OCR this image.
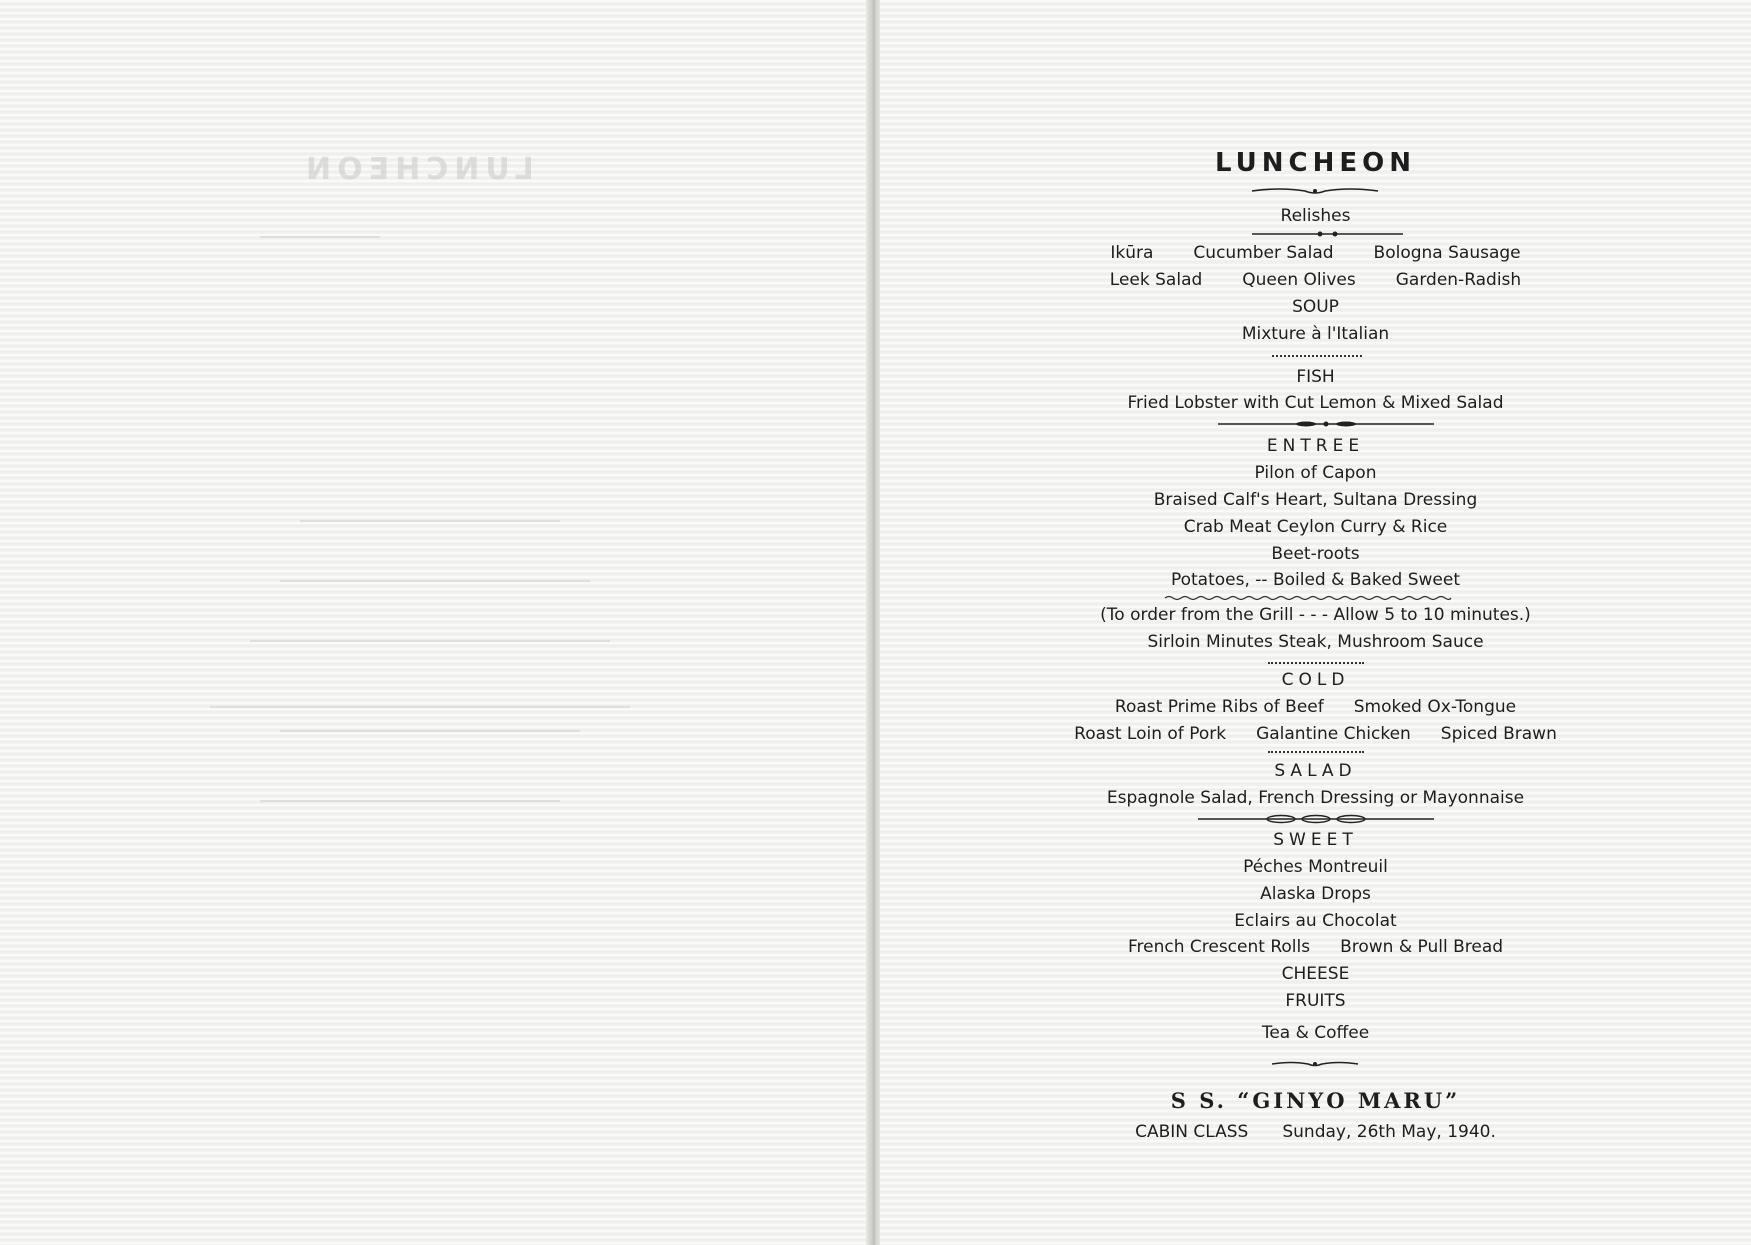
LUNCHEON	LUNCHEON
Relishes
Ikūra Cucumber Salad Bologna Sausage
Leek Salad Queen Olives Garden-Radish
SOUP
Mixture à l'Italian
FISH
Fried Lobster with Cut Lemon & Mixed Salad
ENTREE
Pilon of Capon
Braised Calf's Heart, Sultana Dressing
Crab Meat Ceylon Curry & Rice
Beet-roots
Potatoes, -- Boiled & Baked Sweet
(To order from the Grill - - - Allow 5 to 10 minutes.)
Sirloin Minutes Steak, Mushroom Sauce
COLD
Roast Prime Ribs of Beef Smoked Ox-Tongue
Roast Loin of Pork Galantine Chicken Spiced Brawn
SALAD
Espagnole Salad, French Dressing or Mayonnaise
SWEET
Péches Montreuil
Alaska Drops
Eclairs au Chocolat
French Crescent Rolls Brown & Pull Bread
CHEESE
FRUITS
Tea & Coffee
S S. “GINYO MARU”
CABIN CLASS Sunday, 26th May, 1940.
